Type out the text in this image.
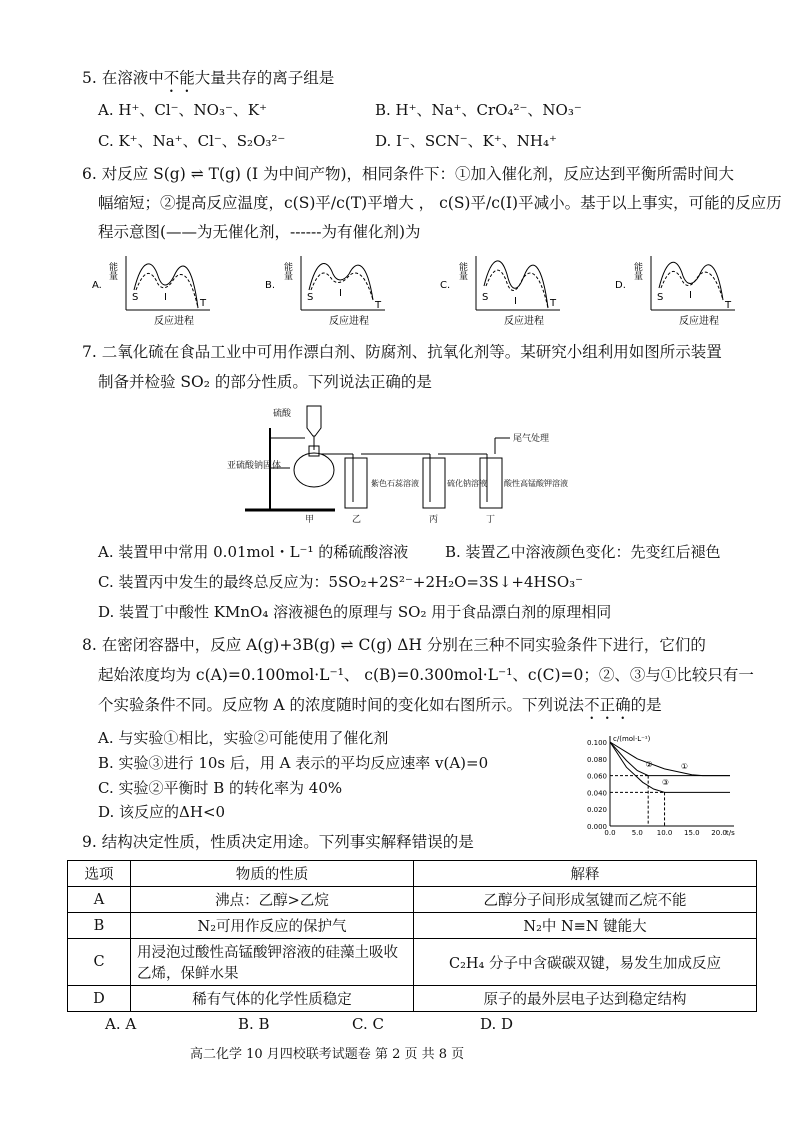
5. 在溶液中不能大量共存的离子组是
A. H⁺、Cl⁻、NO₃⁻、K⁺	B. H⁺、Na⁺、CrO₄²⁻、NO₃⁻
C. K⁺、Na⁺、Cl⁻、S₂O₃²⁻	D. I⁻、SCN⁻、K⁺、NH₄⁺
6. 对反应 S(g) ⇌ T(g) (I 为中间产物)，相同条件下：①加入催化剂，反应达到平衡所需时间大
幅缩短；②提高反应温度，c(S)平/c(T)平增大 ， c(S)平/c(I)平减小。基于以上事实，可能的反应历
程示意图(——为无催化剂，------为有催化剂)为
A.
能量
S	I
T
反应进程
B.
能量
S	I
T
反应进程
C.
能量
S	I	T
反应进程
D.
能量
S	I
T
反应进程
7. 二氧化硫在食品工业中可用作漂白剂、防腐剂、抗氧化剂等。某研究小组利用如图所示装置
制备并检验 SO₂ 的部分性质。下列说法正确的是
硫酸
亚硫酸钠固体
紫色石蕊溶液	硫化钠溶液 酸性高锰酸钾溶液
尾气处理
甲	乙	丙	丁
A. 装置甲中常用 0.01mol・L⁻¹ 的稀硫酸溶液 B. 装置乙中溶液颜色变化：先变红后褪色
C. 装置丙中发生的最终总反应为：5SO₂+2S²⁻+2H₂O=3S↓+4HSO₃⁻
D. 装置丁中酸性 KMnO₄ 溶液褪色的原理与 SO₂ 用于食品漂白剂的原理相同
8. 在密闭容器中，反应 A(g)+3B(g) ⇌ C(g) ΔH 分别在三种不同实验条件下进行，它们的
起始浓度均为 c(A)=0.100mol·L⁻¹、 c(B)=0.300mol·L⁻¹、c(C)=0；②、③与①比较只有一
个实验条件不同。反应物 A 的浓度随时间的变化如右图所示。下列说法不正确的是
A. 与实验①相比，实验②可能使用了催化剂
B. 实验③进行 10s 后，用 A 表示的平均反应速率 v(A)=0
C. 实验②平衡时 B 的转化率为 40%
D. 该反应的ΔH<0
0.000
0.020
0.040
0.060
0.080
0.100
0.0 5.0 10.0 15.0 20.0
c/(mol·L⁻¹)
t/s
①
②
③
9. 结构决定性质，性质决定用途。下列事实解释错误的是
选项	物质的性质	解释
A	沸点：乙醇>乙烷	乙醇分子间形成氢键而乙烷不能
B	N₂可用作反应的保护气	N₂中 N≡N 键能大
C	用浸泡过酸性高锰酸钾溶液的硅藻土吸收乙烯，保鲜水果	C₂H₄ 分子中含碳碳双键，易发生加成反应
D	稀有气体的化学性质稳定	原子的最外层电子达到稳定结构
A. A	B. B	C. C	D. D
高二化学 10 月四校联考试题卷 第 2 页 共 8 页
